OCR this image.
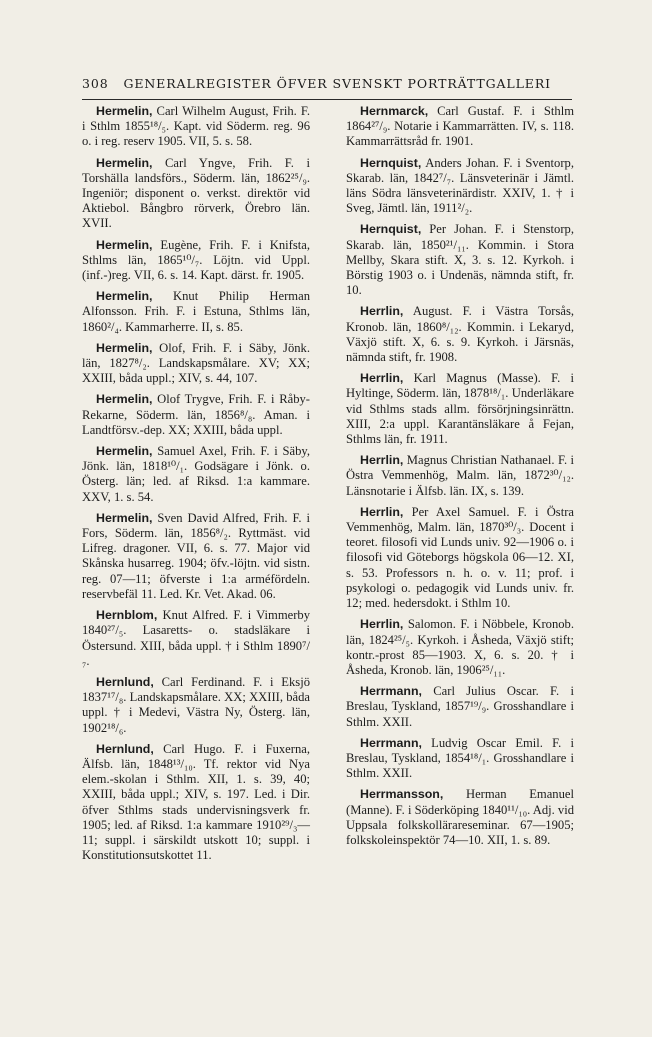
308 GENERALREGISTER ÖFVER SVENSKT PORTRÄTTGALLERI

Hermelin, Carl Wilhelm August, Frih. F. i Sthlm 1855¹⁸/₅. Kapt. vid Söderm. reg. 96 o. i reg. reserv 1905. VII, 5. s. 58.

Hermelin, Carl Yngve, Frih. F. i Torshälla landsförs., Söderm. län, 1862²⁵/₉. Ingeniör; disponent o. verkst. direktör vid Aktiebol. Bångbro rörverk, Örebro län. XVII.

Hermelin, Eugène, Frih. F. i Knifsta, Sthlms län, 1865¹⁰/₇. Löjtn. vid Uppl. (inf.-)reg. VII, 6. s. 14. Kapt. därst. fr. 1905.

Hermelin, Knut Philip Herman Alfonsson. Frih. F. i Estuna, Sthlms län, 1860²/₄. Kammarherre. II, s. 85.

Hermelin, Olof, Frih. F. i Säby, Jönk. län, 1827⁸/₂. Landskapsmålare. XV; XX; XXIII, båda uppl.; XIV, s. 44, 107.

Hermelin, Olof Trygve, Frih. F. i Råby-Rekarne, Söderm. län, 1856⁸/₈. Aman. i Landtförsv.-dep. XX; XXIII, båda uppl.

Hermelin, Samuel Axel, Frih. F. i Säby, Jönk. län, 1818¹⁰/₁. Godsägare i Jönk. o. Österg. län; led. af Riksd. 1:a kammare. XXV, 1. s. 54.

Hermelin, Sven David Alfred, Frih. F. i Fors, Söderm. län, 1856⁸/₂. Ryttmäst. vid Lifreg. dragoner. VII, 6. s. 77. Major vid Skånska husarreg. 1904; öfv.-löjtn. vid sistn. reg. 07—11; öfverste i 1:a arméfördeln. reservbefäl 11. Led. Kr. Vet. Akad. 06.

Hernblom, Knut Alfred. F. i Vimmerby 1840²⁷/₅. Lasaretts- o. stadsläkare i Östersund. XIII, båda uppl. † i Sthlm 1890⁷/₇.

Hernlund, Carl Ferdinand. F. i Eksjö 1837¹⁷/₈. Landskapsmålare. XX; XXIII, båda uppl. † i Medevi, Västra Ny, Österg. län, 1902¹⁸/₆.

Hernlund, Carl Hugo. F. i Fuxerna, Älfsb. län, 1848¹³/₁₀. Tf. rektor vid Nya elem.-skolan i Sthlm. XII, 1. s. 39, 40; XXIII, båda uppl.; XIV, s. 197. Led. i Dir. öfver Sthlms stads undervisningsverk fr. 1905; led. af Riksd. 1:a kammare 1910²⁹/₃—11; suppl. i särskildt utskott 10; suppl. i Konstitutionsutskottet 11.

Hernmarck, Carl Gustaf. F. i Sthlm 1864²⁷/₉. Notarie i Kammarrätten. IV, s. 118. Kammarrättsråd fr. 1901.

Hernquist, Anders Johan. F. i Sventorp, Skarab. län, 1842⁷/₇. Länsveterinär i Jämtl. läns Södra länsveterinärdistr. XXIV, 1. † i Sveg, Jämtl. län, 1911²/₂.

Hernquist, Per Johan. F. i Stenstorp, Skarab. län, 1850²¹/₁₁. Kommin. i Stora Mellby, Skara stift. X, 3. s. 12. Kyrkoh. i Börstig 1903 o. i Undenäs, nämnda stift, fr. 10.

Herrlin, August. F. i Västra Torsås, Kronob. län, 1860⁸/₁₂. Kommin. i Lekaryd, Växjö stift. X, 6. s. 9. Kyrkoh. i Järsnäs, nämnda stift, fr. 1908.

Herrlin, Karl Magnus (Masse). F. i Hyltinge, Söderm. län, 1878¹⁸/₁. Underläkare vid Sthlms stads allm. försörjningsinrättn. XIII, 2:a uppl. Karantänsläkare å Fejan, Sthlms län, fr. 1911.

Herrlin, Magnus Christian Nathanael. F. i Östra Vemmenhög, Malm. län, 1872³⁰/₁₂. Länsnotarie i Älfsb. län. IX, s. 139.

Herrlin, Per Axel Samuel. F. i Östra Vemmenhög, Malm. län, 1870³⁰/₃. Docent i teoret. filosofi vid Lunds univ. 92—1906 o. i filosofi vid Göteborgs högskola 06—12. XI, s. 53. Professors n. h. o. v. 11; prof. i psykologi o. pedagogik vid Lunds univ. fr. 12; med. hedersdokt. i Sthlm 10.

Herrlin, Salomon. F. i Nöbbele, Kronob. län, 1824²⁵/₅. Kyrkoh. i Åsheda, Växjö stift; kontr.-prost 85—1903. X, 6. s. 20. † i Åsheda, Kronob. län, 1906²⁵/₁₁.

Herrmann, Carl Julius Oscar. F. i Breslau, Tyskland, 1857¹⁹/₉. Grosshandlare i Sthlm. XXII.

Herrmann, Ludvig Oscar Emil. F. i Breslau, Tyskland, 1854¹⁸/₁. Grosshandlare i Sthlm. XXII.

Herrmansson, Herman Emanuel (Manne). F. i Söderköping 1840¹¹/₁₀. Adj. vid Uppsala folkskollärareseminar. 67—1905; folkskoleinspektör 74—10. XII, 1. s. 89.
